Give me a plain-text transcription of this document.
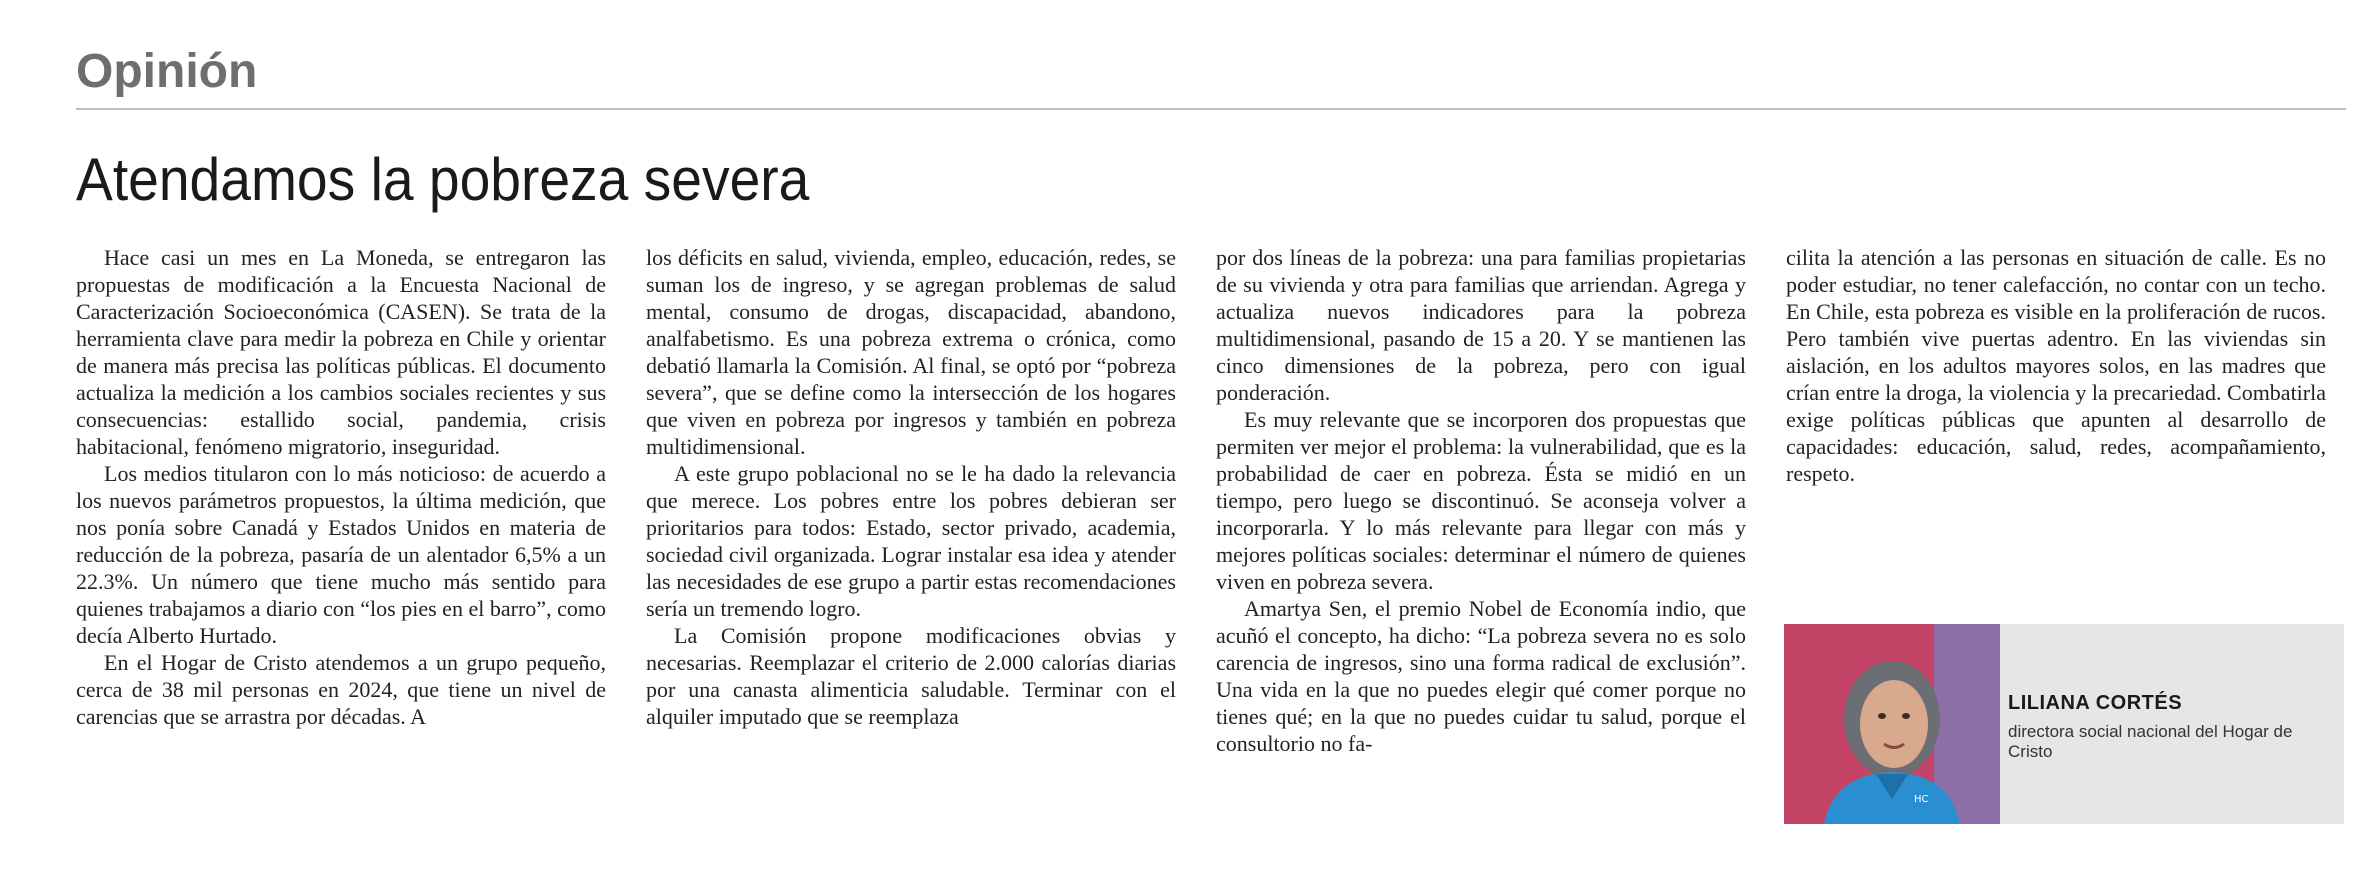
Opinión
Atendamos la pobreza severa

Hace casi un mes en La Moneda, se entregaron las propuestas de modificación a la Encuesta Nacional de Caracterización Socioeconómica (CASEN). Se trata de la herramienta clave para medir la pobreza en Chile y orientar de manera más precisa las políticas públicas. El documento actualiza la medición a los cambios sociales recientes y sus consecuencias: estallido social, pandemia, crisis habitacional, fenómeno migratorio, inseguridad.

Los medios titularon con lo más noticioso: de acuerdo a los nuevos parámetros propuestos, la última medición, que nos ponía sobre Canadá y Estados Unidos en materia de reducción de la pobreza, pasaría de un alentador 6,5% a un 22.3%. Un número que tiene mucho más sentido para quienes trabajamos a diario con “los pies en el barro”, como decía Alberto Hurtado.

En el Hogar de Cristo atendemos a un grupo pequeño, cerca de 38 mil personas en 2024, que tiene un nivel de carencias que se arrastra por décadas. A

los déficits en salud, vivienda, empleo, educación, redes, se suman los de ingreso, y se agregan problemas de salud mental, consumo de drogas, discapacidad, abandono, analfabetismo. Es una pobreza extrema o crónica, como debatió llamarla la Comisión. Al final, se optó por “pobreza severa”, que se define como la intersección de los hogares que viven en pobreza por ingresos y también en pobreza multidimensional.

A este grupo poblacional no se le ha dado la relevancia que merece. Los pobres entre los pobres debieran ser prioritarios para todos: Estado, sector privado, academia, sociedad civil organizada. Lograr instalar esa idea y atender las necesidades de ese grupo a partir estas recomendaciones sería un tremendo logro.

La Comisión propone modificaciones obvias y necesarias. Reemplazar el criterio de 2.000 calorías diarias por una canasta alimenticia saludable. Terminar con el alquiler imputado que se reemplaza

por dos líneas de la pobreza: una para familias propietarias de su vivienda y otra para familias que arriendan. Agrega y actualiza nuevos indicadores para la pobreza multidimensional, pasando de 15 a 20. Y se mantienen las cinco dimensiones de la pobreza, pero con igual ponderación.

Es muy relevante que se incorporen dos propuestas que permiten ver mejor el problema: la vulnerabilidad, que es la probabilidad de caer en pobreza. Ésta se midió en un tiempo, pero luego se discontinuó. Se aconseja volver a incorporarla. Y lo más relevante para llegar con más y mejores políticas sociales: determinar el número de quienes viven en pobreza severa.

Amartya Sen, el premio Nobel de Economía indio, que acuñó el concepto, ha dicho: “La pobreza severa no es solo carencia de ingresos, sino una forma radical de exclusión”. Una vida en la que no puedes elegir qué comer porque no tienes qué; en la que no puedes cuidar tu salud, porque el consultorio no fa-

cilita la atención a las personas en situación de calle. Es no poder estudiar, no tener calefacción, no contar con un techo. En Chile, esta pobreza es visible en la proliferación de rucos. Pero también vive puertas adentro. En las viviendas sin aislación, en los adultos mayores solos, en las madres que crían entre la droga, la violencia y la precariedad. Combatirla exige políticas públicas que apunten al desarrollo de capacidades: educación, salud, redes, acompañamiento, respeto.

HC
LILIANA CORTÉS
directora social nacional del Hogar de Cristo
